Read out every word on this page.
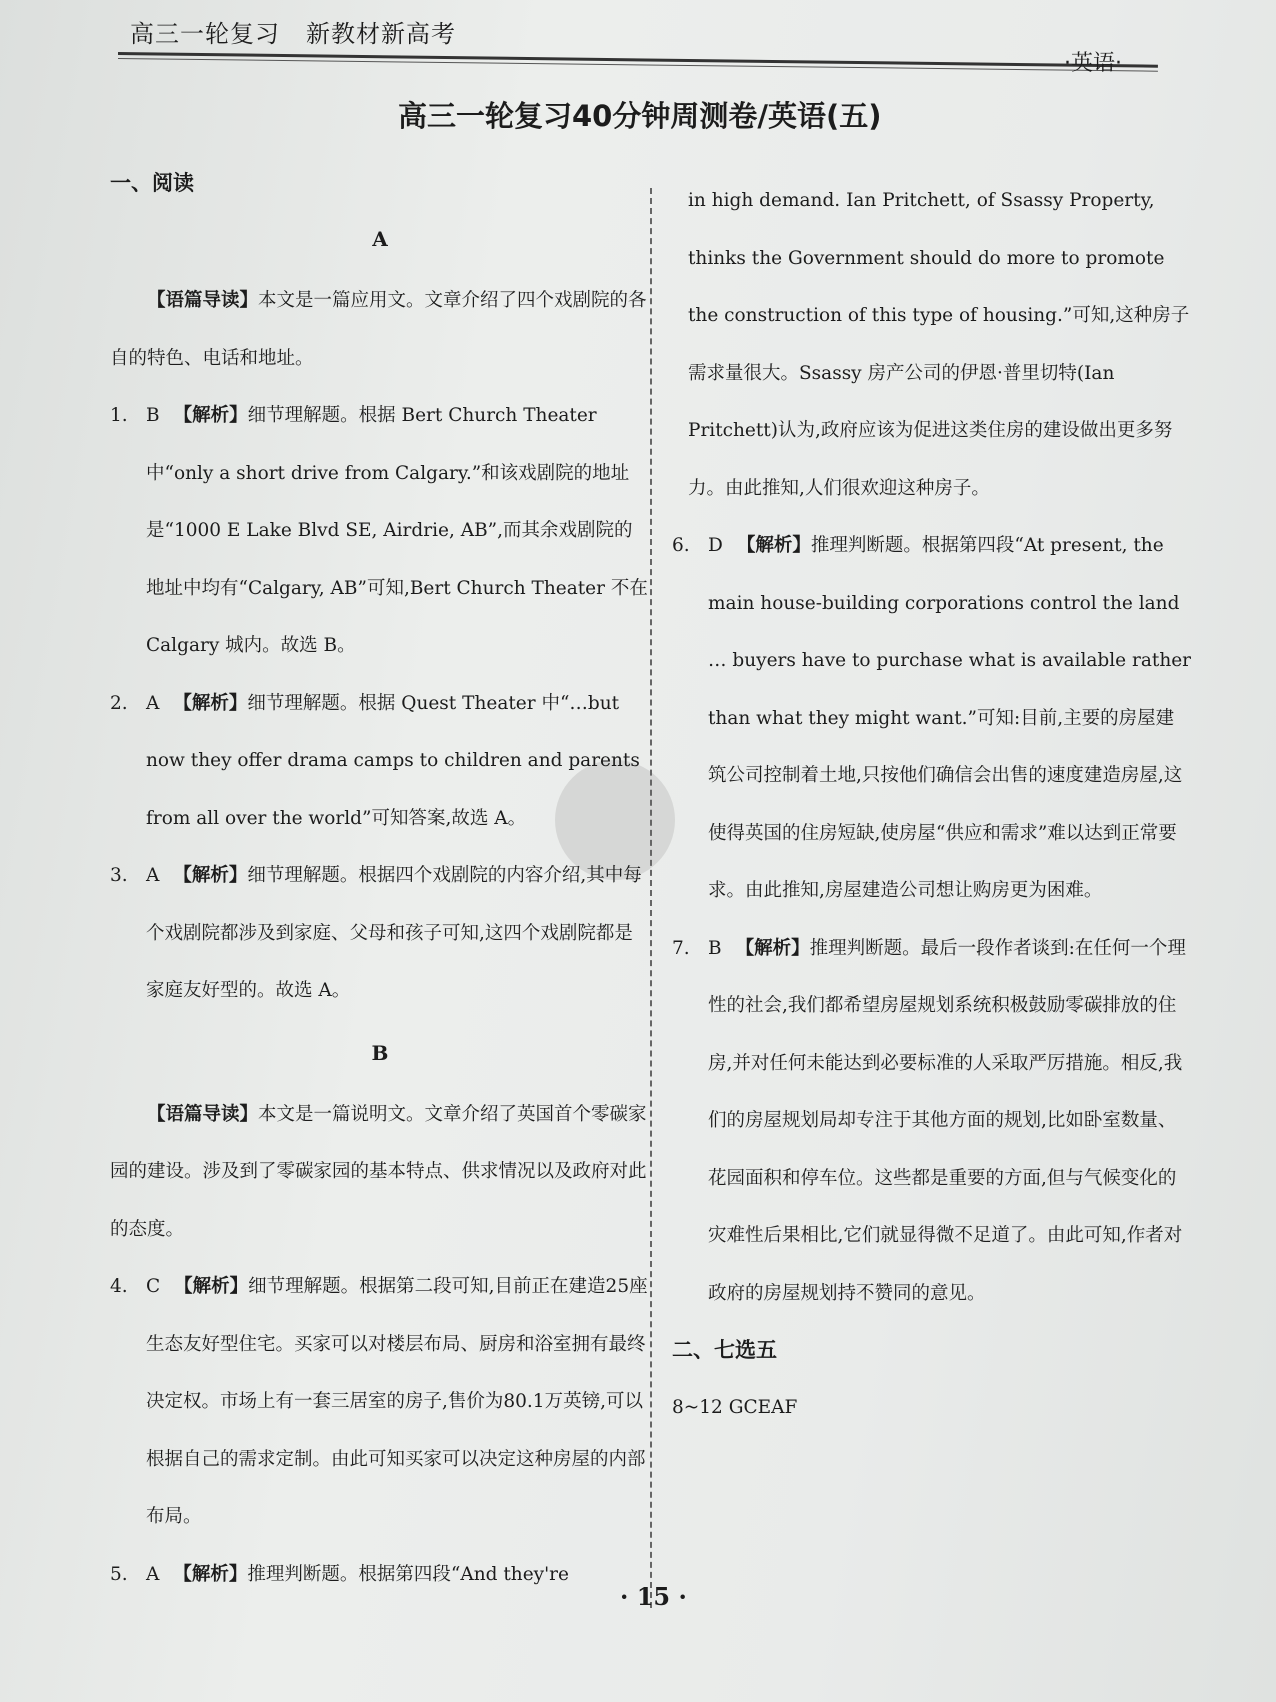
高三一轮复习 新教材新高考
·英语·
高三一轮复习40分钟周测卷/英语(五)
一、阅读
A

【语篇导读】本文是一篇应用文。文章介绍了四个戏剧院的各自的特色、电话和地址。

1. B 【解析】细节理解题。根据 Bert Church Theater 中“only a short drive from Calgary.”和该戏剧院的地址是“1000 E Lake Blvd SE, Airdrie, AB”,而其余戏剧院的地址中均有“Calgary, AB”可知,Bert Church Theater 不在 Calgary 城内。故选 B。

2. A 【解析】细节理解题。根据 Quest Theater 中“…but now they offer drama camps to children and parents from all over the world”可知答案,故选 A。

3. A 【解析】细节理解题。根据四个戏剧院的内容介绍,其中每个戏剧院都涉及到家庭、父母和孩子可知,这四个戏剧院都是家庭友好型的。故选 A。

B

【语篇导读】本文是一篇说明文。文章介绍了英国首个零碳家园的建设。涉及到了零碳家园的基本特点、供求情况以及政府对此的态度。

4. C 【解析】细节理解题。根据第二段可知,目前正在建造25座生态友好型住宅。买家可以对楼层布局、厨房和浴室拥有最终决定权。市场上有一套三居室的房子,售价为80.1万英镑,可以根据自己的需求定制。由此可知买家可以决定这种房屋的内部布局。

5. A 【解析】推理判断题。根据第四段“And they're

in high demand. Ian Pritchett, of Ssassy Property, thinks the Government should do more to promote the construction of this type of housing.”可知,这种房子需求量很大。Ssassy 房产公司的伊恩·普里切特(Ian Pritchett)认为,政府应该为促进这类住房的建设做出更多努力。由此推知,人们很欢迎这种房子。

6. D 【解析】推理判断题。根据第四段“At present, the main house-building corporations control the land … buyers have to purchase what is available rather than what they might want.”可知:目前,主要的房屋建筑公司控制着土地,只按他们确信会出售的速度建造房屋,这使得英国的住房短缺,使房屋“供应和需求”难以达到正常要求。由此推知,房屋建造公司想让购房更为困难。

7. B 【解析】推理判断题。最后一段作者谈到:在任何一个理性的社会,我们都希望房屋规划系统积极鼓励零碳排放的住房,并对任何未能达到必要标准的人采取严厉措施。相反,我们的房屋规划局却专注于其他方面的规划,比如卧室数量、花园面积和停车位。这些都是重要的方面,但与气候变化的灾难性后果相比,它们就显得微不足道了。由此可知,作者对政府的房屋规划持不赞同的意见。

二、七选五

8~12 GCEAF

· 15 ·
